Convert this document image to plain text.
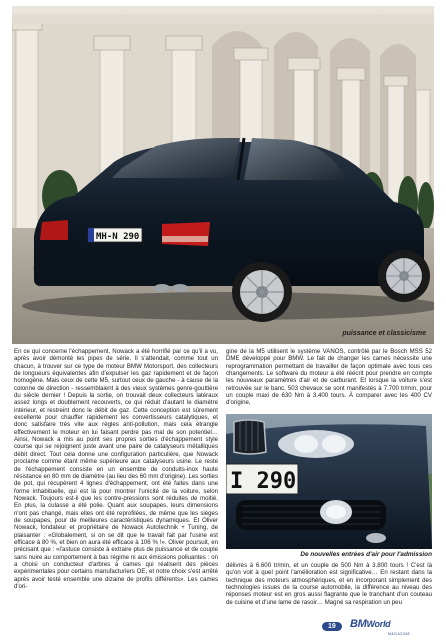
MH-N 290
puissance et classicisme
En ce qui concerne l'échappement, Nowack a été horrifié par ce qu'il a vu, après avoir démonté les pipes de série. Il s'attendait, comme tout un chacun, à trouver sur ce type de moteur BMW Motorsport, des collecteurs de longueurs équivalentes afin d'expulser les gaz rapidement et de façon homogène. Mais ceux de cette M5, surtout ceux de gauche - à cause de la colonne de direction - ressemblaient à des vieux systèmes genre-gouttière du siècle dernier ! Depuis la sortie, on trouvait deux collecteurs latéraux assez longs et doublement recouverts, ce qui réduit d'autant le diamètre intérieur, et restreint donc le débit de gaz. Cette conception est sûrement excellente pour chauffer rapidement les convertisseurs catalytiques, et donc satisfaire très vite aux règles anti-pollution, mais cela étrangle effectivement le moteur en lui faisant perdre pas mal de son potentiel… Ainsi, Nowack a mis au point ses propres sorties d'échappement style course qui se rejoignent juste avant une paire de catalyseurs métalliques débit direct. Tout cela donne une configuration particulière, que Nowack proclame comme étant même supérieure aux catalyseurs usine. Le reste de l'échappement consiste en un ensemble de conduits-inox haute résistance en 80 mm de diamètre (au lieu des 60 mm d'origine). Les sorties de pot, qui récupèrent 4 lignes d'échappement, ont été faites dans une forme inhabituelle, qui est là pour montrer l'unicité de la voiture, selon Nowack. Toujours est-il que les contre-pressions sont réduites de moitié. En plus, la culasse a été polie. Quant aux soupapes, leurs dimensions n'ont pas changé, mais elles ont été reprofilées, de même que les sièges de soupapes, pour de meilleures caractéristiques dynamiques. Et Oliver Nowack, fondateur et propriétaire de Nowack Autotechnik + Tuning, de plaisanter : «Globalement, si on se dit que le travail fait par l'usine est efficace à 80 %, et bien on aura été efficace à 106 % !». Oliver poursuit, en précisant que : «l'astuce consiste à extraire plus de puissance et de couple sans nuire au comportement à bas régime ni aux émissions polluantes : on a choisi un conducteur d'arbres à cames qui réalisent des pièces expérimentales pour certains manufacturiers OE, et notre choix s'est arrêté après avoir testé ensemble une dizaine de profils différents». Les cames d'ori-
gine de la M5 utilisent le système VANOS, contrôlé par le Bosch MSS 52 DME développé pour BMW. Le fait de changer les cames nécessite une reprogrammation permettant de travailler de façon optimale avec tous ces changements. Le software du moteur a été réécrit pour prendre en compte les nouveaux paramètres d'air et de carburant. Et lorsque la voiture s'est retrouvée sur le banc, 503 chevaux se sont manifestés à 7.700 tr/min, pour un couple maxi de 630 Nm à 3.400 tours. À comparer avec les 400 CV d'origine,
I 290
De nouvelles entrées d'air pour l'admission
délivrés à 6.600 tr/min, et un couple de 500 Nm à 3.800 tours ! C'est là qu'on voit à quel point l'amélioration est significative… En restant dans la technique des moteurs atmosphériques, et en incorporant simplement des technologies issues de la course automobile, la différence au niveau des réponses moteur est en gros aussi flagrante que le tranchant d'un couteau de cuisine et d'une lame de rasoir… Magné sa respiration un peu
19	BMWorld
MAGAZINE
